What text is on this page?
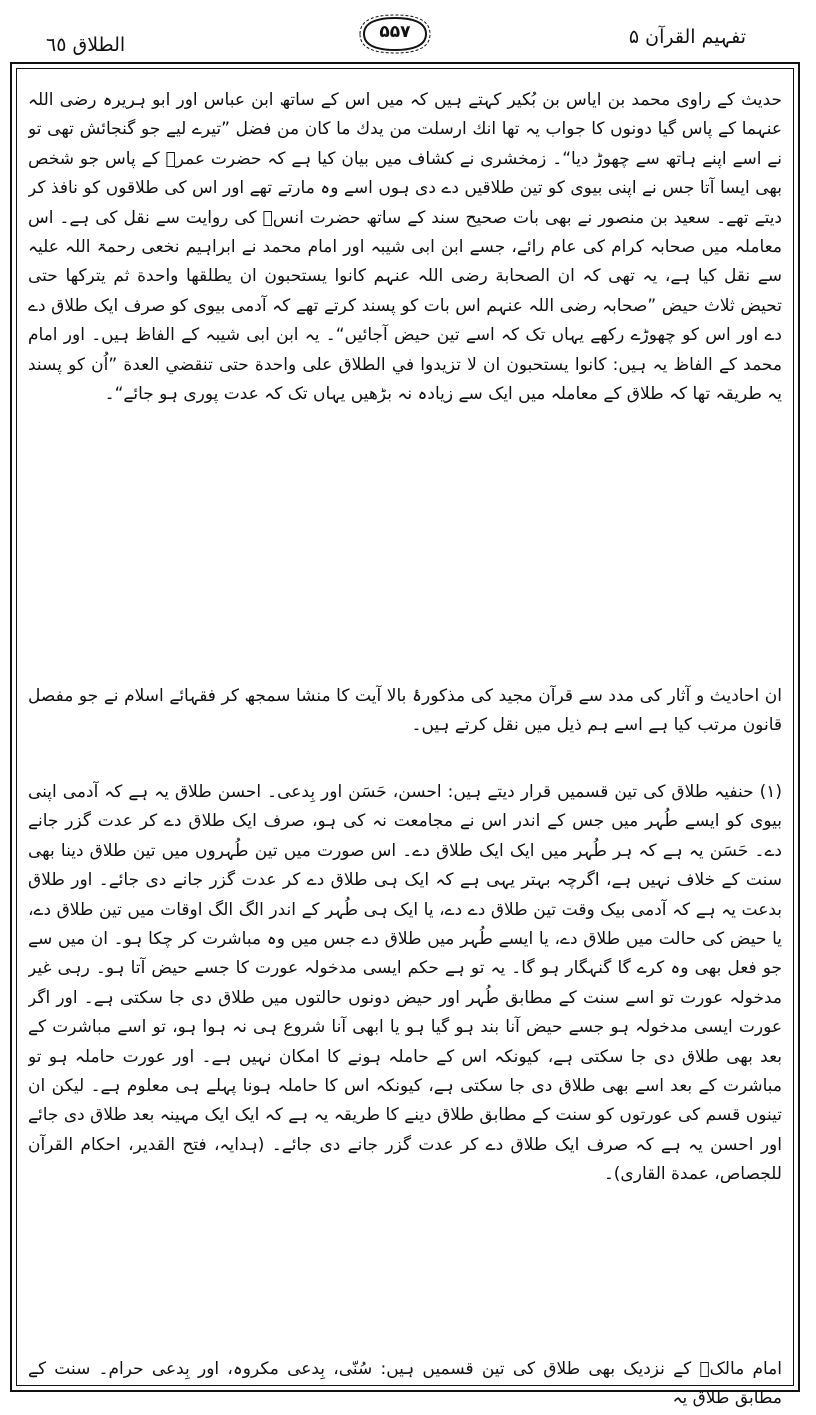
تفہیم القرآن ۵
۵۵۷
الطلاق ٦٥

حدیث کے راوی محمد بن ایاس بن بُکیر کہتے ہیں کہ میں اس کے ساتھ ابن عباس اور ابو ہریرہ رضی اللہ عنہما کے پاس گیا دونوں کا جواب یہ تھا انك ارسلت من يدك ما كان من فضل ”تیرے لیے جو گنجائش تھی تو نے اسے اپنے ہاتھ سے چھوڑ دیا“۔ زمخشری نے کشاف میں بیان کیا ہے کہ حضرت عمرؓ کے پاس جو شخص بھی ایسا آتا جس نے اپنی بیوی کو تین طلاقیں دے دی ہوں اسے وہ مارتے تھے اور اس کی طلاقوں کو نافذ کر دیتے تھے۔ سعید بن منصور نے بھی بات صحیح سند کے ساتھ حضرت انسؓ کی روایت سے نقل کی ہے۔ اس معاملہ میں صحابہ کرام کی عام رائے، جسے ابن ابی شیبہ اور امام محمد نے ابراہیم نخعی رحمۃ اللہ علیہ سے نقل کیا ہے، یہ تھی کہ ان الصحابة رضی اللہ عنہم كانوا يستحبون ان يطلقها واحدة ثم يتركها حتى تحيض ثلاث حيض ”صحابہ رضی اللہ عنہم اس بات کو پسند کرتے تھے کہ آدمی بیوی کو صرف ایک طلاق دے دے اور اس کو چھوڑے رکھے یہاں تک کہ اسے تین حیض آجائیں“۔ یہ ابن ابی شیبہ کے الفاظ ہیں۔ اور امام محمد کے الفاظ یہ ہیں: كانوا يستحبون ان لا تزيدوا في الطلاق على واحدة حتى تنقضي العدة ”اُن کو پسند یہ طریقہ تھا کہ طلاق کے معاملہ میں ایک سے زیادہ نہ بڑھیں یہاں تک کہ عدت پوری ہو جائے“۔

ان احادیث و آثار کی مدد سے قرآن مجید کی مذکورۂ بالا آیت کا منشا سمجھ کر فقہائے اسلام نے جو مفصل قانون مرتب کیا ہے اسے ہم ذیل میں نقل کرتے ہیں۔

(۱) حنفیہ طلاق کی تین قسمیں قرار دیتے ہیں: احسن، حَسَن اور بِدعی۔ احسن طلاق یہ ہے کہ آدمی اپنی بیوی کو ایسے طُہر میں جس کے اندر اس نے مجامعت نہ کی ہو، صرف ایک طلاق دے کر عدت گزر جانے دے۔ حَسَن یہ ہے کہ ہر طُہر میں ایک ایک طلاق دے۔ اس صورت میں تین طُہروں میں تین طلاق دینا بھی سنت کے خلاف نہیں ہے، اگرچہ بہتر یہی ہے کہ ایک ہی طلاق دے کر عدت گزر جانے دی جائے۔ اور طلاق بدعت یہ ہے کہ آدمی بیک وقت تین طلاق دے دے، یا ایک ہی طُہر کے اندر الگ الگ اوقات میں تین طلاق دے، یا حیض کی حالت میں طلاق دے، یا ایسے طُہر میں طلاق دے جس میں وہ مباشرت کر چکا ہو۔ ان میں سے جو فعل بھی وہ کرے گا گنہگار ہو گا۔ یہ تو ہے حکم ایسی مدخولہ عورت کا جسے حیض آتا ہو۔ رہی غیر مدخولہ عورت تو اسے سنت کے مطابق طُہر اور حیض دونوں حالتوں میں طلاق دی جا سکتی ہے۔ اور اگر عورت ایسی مدخولہ ہو جسے حیض آنا بند ہو گیا ہو یا ابھی آنا شروع ہی نہ ہوا ہو، تو اسے مباشرت کے بعد بھی طلاق دی جا سکتی ہے، کیونکہ اس کے حاملہ ہونے کا امکان نہیں ہے۔ اور عورت حاملہ ہو تو مباشرت کے بعد اسے بھی طلاق دی جا سکتی ہے، کیونکہ اس کا حاملہ ہونا پہلے ہی معلوم ہے۔ لیکن ان تینوں قسم کی عورتوں کو سنت کے مطابق طلاق دینے کا طریقہ یہ ہے کہ ایک ایک مہینہ بعد طلاق دی جائے اور احسن یہ ہے کہ صرف ایک طلاق دے کر عدت گزر جانے دی جائے۔ (ہدایہ، فتح القدیر، احکام القرآن للجصاص، عمدة القاری)۔

امام مالکؒ کے نزدیک بھی طلاق کی تین قسمیں ہیں: سُنّی، بِدعی مکروہ، اور بِدعی حرام۔ سنت کے مطابق طلاق یہ
